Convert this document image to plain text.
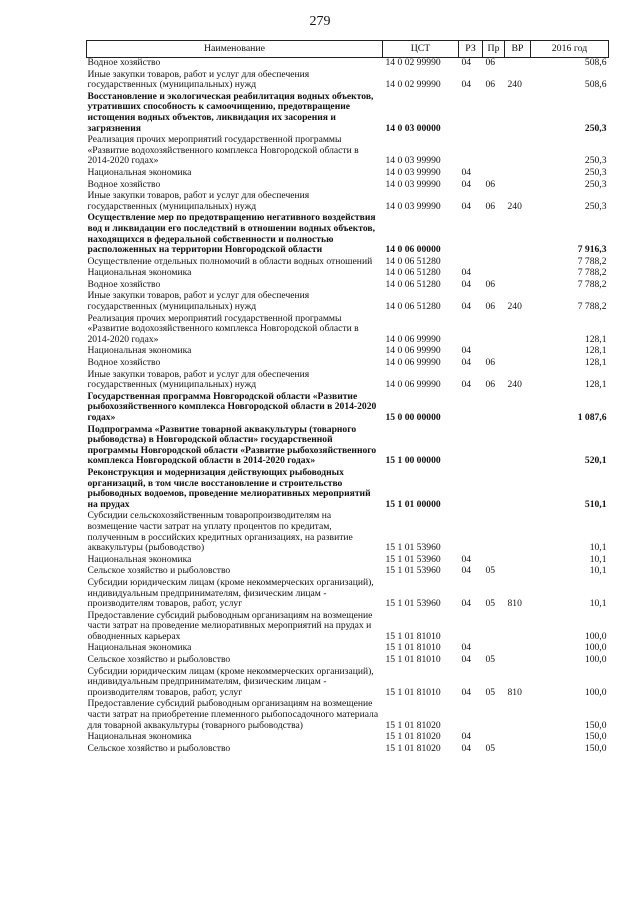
279
Наименование	ЦСТ	РЗ	Пр	ВР	2016 год
Водное хозяйство	14 0 02 99990	04	06		508,6
Иные закупки товаров, работ и услуг для обеспечения государственных (муниципальных) нужд	14 0 02 99990	04	06	240	508,6
Восстановление и экологическая реабилитация водных объектов, утративших способность к самоочищению, предотвращение истощения водных объектов, ликвидация их засорения и загрязнения	14 0 03 00000				250,3
Реализация прочих мероприятий государственной программы «Развитие водохозяйственного комплекса Новгородской области в 2014-2020 годах»	14 0 03 99990				250,3
Национальная экономика	14 0 03 99990	04			250,3
Водное хозяйство	14 0 03 99990	04	06		250,3
Иные закупки товаров, работ и услуг для обеспечения государственных (муниципальных) нужд	14 0 03 99990	04	06	240	250,3
Осуществление мер по предотвращению негативного воздействия вод и ликвидации его последствий в отношении водных объектов, находящихся в федеральной собственности и полностью расположенных на территории Новгородской области	14 0 06 00000				7 916,3
Осуществление отдельных полномочий в области водных отношений	14 0 06 51280				7 788,2
Национальная экономика	14 0 06 51280	04			7 788,2
Водное хозяйство	14 0 06 51280	04	06		7 788,2
Иные закупки товаров, работ и услуг для обеспечения государственных (муниципальных) нужд	14 0 06 51280	04	06	240	7 788,2
Реализация прочих мероприятий государственной программы «Развитие водохозяйственного комплекса Новгородской области в 2014-2020 годах»	14 0 06 99990				128,1
Национальная экономика	14 0 06 99990	04			128,1
Водное хозяйство	14 0 06 99990	04	06		128,1
Иные закупки товаров, работ и услуг для обеспечения государственных (муниципальных) нужд	14 0 06 99990	04	06	240	128,1
Государственная программа Новгородской области «Развитие рыбохозяйственного комплекса Новгородской области в 2014-2020 годах»	15 0 00 00000				1 087,6
Подпрограмма «Развитие товарной аквакультуры (товарного рыбоводства) в Новгородской области» государственной программы Новгородской области «Развитие рыбохозяйственного комплекса Новгородской области в 2014-2020 годах»	15 1 00 00000				520,1
Реконструкция и модернизация действующих рыбоводных организаций, в том числе восстановление и строительство рыбоводных водоемов, проведение мелиоративных мероприятий на прудах	15 1 01 00000				510,1
Субсидии сельскохозяйственным товаропроизводителям на возмещение части затрат на уплату процентов по кредитам, полученным в российских кредитных организациях, на развитие аквакультуры (рыбоводство)	15 1 01 53960				10,1
Национальная экономика	15 1 01 53960	04			10,1
Сельское хозяйство и рыболовство	15 1 01 53960	04	05		10,1
Субсидии юридическим лицам (кроме некоммерческих организаций), индивидуальным предпринимателям, физическим лицам - производителям товаров, работ, услуг	15 1 01 53960	04	05	810	10,1
Предоставление субсидий рыбоводным организациям на возмещение части затрат на проведение мелиоративных мероприятий на прудах и обводненных карьерах	15 1 01 81010				100,0
Национальная экономика	15 1 01 81010	04			100,0
Сельское хозяйство и рыболовство	15 1 01 81010	04	05		100,0
Субсидии юридическим лицам (кроме некоммерческих организаций), индивидуальным предпринимателям, физическим лицам - производителям товаров, работ, услуг	15 1 01 81010	04	05	810	100,0
Предоставление субсидий рыбоводным организациям на возмещение части затрат на приобретение племенного рыбопосадочного материала для товарной аквакультуры (товарного рыбоводства)	15 1 01 81020				150,0
Национальная экономика	15 1 01 81020	04			150,0
Сельское хозяйство и рыболовство	15 1 01 81020	04	05		150,0
